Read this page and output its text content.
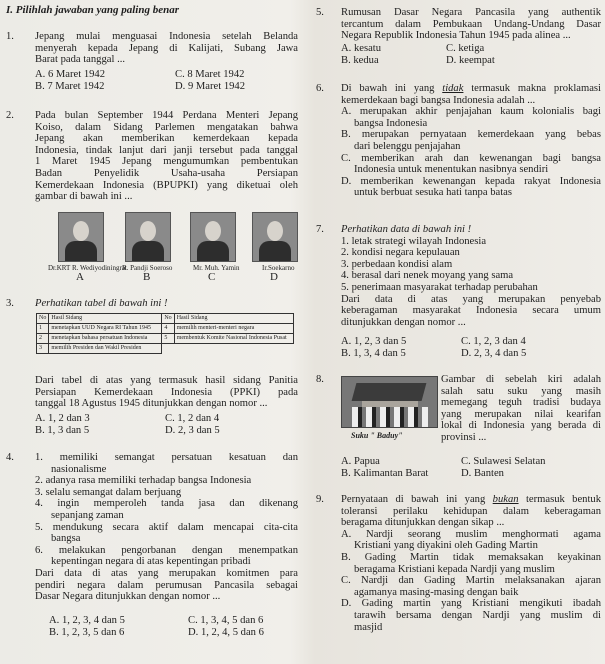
I. Pilihlah jawaban yang paling benar
1. Jepang mulai menguasai Indonesia setelah Belanda
menyerah kepada Jepang di Kalijati, Subang Jawa
Barat pada tanggal ...
A. 6 Maret 1942
B. 7 Maret 1942
C. 8 Maret 1942
D. 9 Maret 1942
2. Pada bulan September 1944 Perdana Menteri Jepang
Koiso, dalam Sidang Parlemen mengatakan bahwa
Jepang akan memberikan kemerdekaan kepada
Indonesia, tindak lanjut dari janji tersebut pada tanggal
1 Maret 1945 Jepang mengumumkan pembentukan
Badan Penyelidik Usaha-usaha Persiapan
Kemerdekaan Indonesia (BPUPKI) yang diketuai oleh
gambar di bawah ini ...
Dr.KRT R. Wediyodiningrat
R. Pandji Soeroso	Mr. Muh. Yamin	Ir.Soekarno
A	B	C	D
3. Perhatikan tabel di bawah ini !
No	Hasil Sidang	No	Hasil Sidang
1	menetapkan UUD Negara RI Tahun 1945	4	memilih menteri-menteri negara
2	menetapkan bahasa persatuan Indonesia	5	membentuk Komite Nasional Indonesia Pusat
3	memilih Presiden dan Wakil Presiden		
Dari tabel di atas yang termasuk hasil sidang Panitia
Persiapan Kemerdekaan Indonesia (PPKI) pada
tanggal 18 Agustus 1945 ditunjukkan dengan nomor ...
A. 1, 2 dan 3
B. 1, 3 dan 5
C. 1, 2 dan 4
D. 2, 3 dan 5
4. 1. memiliki semangat persatuan kesatuan dan
nasionalisme
2. adanya rasa memiliki terhadap bangsa Indonesia
3. selalu semangat dalam berjuang
4. ingin memperoleh tanda jasa dan dikenang
sepanjang zaman
5. mendukung secara aktif dalam mencapai cita-cita
bangsa
6. melakukan pengorbanan dengan menempatkan
kepentingan negara di atas kepentingan pribadi
Dari data di atas yang merupakan komitmen para
pendiri negara dalam perumusan Pancasila sebagai
Dasar Negara ditunjukkan dengan nomor ...
A. 1, 2, 3, 4 dan 5
B. 1, 2, 3, 5 dan 6
C. 1, 3, 4, 5 dan 6
D. 1, 2, 4, 5 dan 6
5. Rumusan Dasar Negara Pancasila yang authentik
tercantum dalam Pembukaan Undang-Undang Dasar
Negara Republik Indonesia Tahun 1945 pada alinea ...
A. kesatu
B. kedua
C. ketiga
D. keempat
6. Di bawah ini yang tidak termasuk makna proklamasi
kemerdekaan bagi bangsa Indonesia adalah ...
A. merupakan akhir penjajahan kaum kolonialis bagi
bangsa Indonesia
B. merupakan pernyataan kemerdekaan yang bebas
dari belenggu penjajahan
C. memberikan arah dan kewenangan bagi bangsa
Indonesia untuk menentukan nasibnya sendiri
D. memberikan kewenangan kepada rakyat Indonesia
untuk berbuat sesuka hati tanpa batas
7. Perhatikan data di bawah ini !
1. letak strategi wilayah Indonesia
2. kondisi negara kepulauan
3. perbedaan kondisi alam
4. berasal dari nenek moyang yang sama
5. penerimaan masyarakat terhadap perubahan
Dari data di atas yang merupakan penyebab
keberagaman masyarakat Indonesia secara umum
ditunjukkan dengan nomor ...
A. 1, 2, 3 dan 5
B. 1, 3, 4 dan 5
C. 1, 2, 3 dan 4
D. 2, 3, 4 dan 5
8.
Suku " Baduy"
Gambar di sebelah kiri adalah
salah satu suku yang masih
memegang teguh tradisi budaya
yang merupakan nilai kearifan
lokal di Indonesia yang berada di
provinsi ...
A. Papua
B. Kalimantan Barat
C. Sulawesi Selatan
D. Banten
9. Pernyataan di bawah ini yang bukan termasuk bentuk
toleransi perilaku kehidupan dalam keberagaman
beragama ditunjukkan dengan sikap ...
A. Nardji seorang muslim menghormati agama
Kristiani yang diyakini oleh Gading Martin
B. Gading Martin tidak memaksakan keyakinan
beragama Kristiani kepada Nardji yang muslim
C. Nardji dan Gading Martin melaksanakan ajaran
agamanya masing-masing dengan baik
D. Gading martin yang Kristiani mengikuti ibadah
tarawih bersama dengan Nardji yang muslim di
masjid
